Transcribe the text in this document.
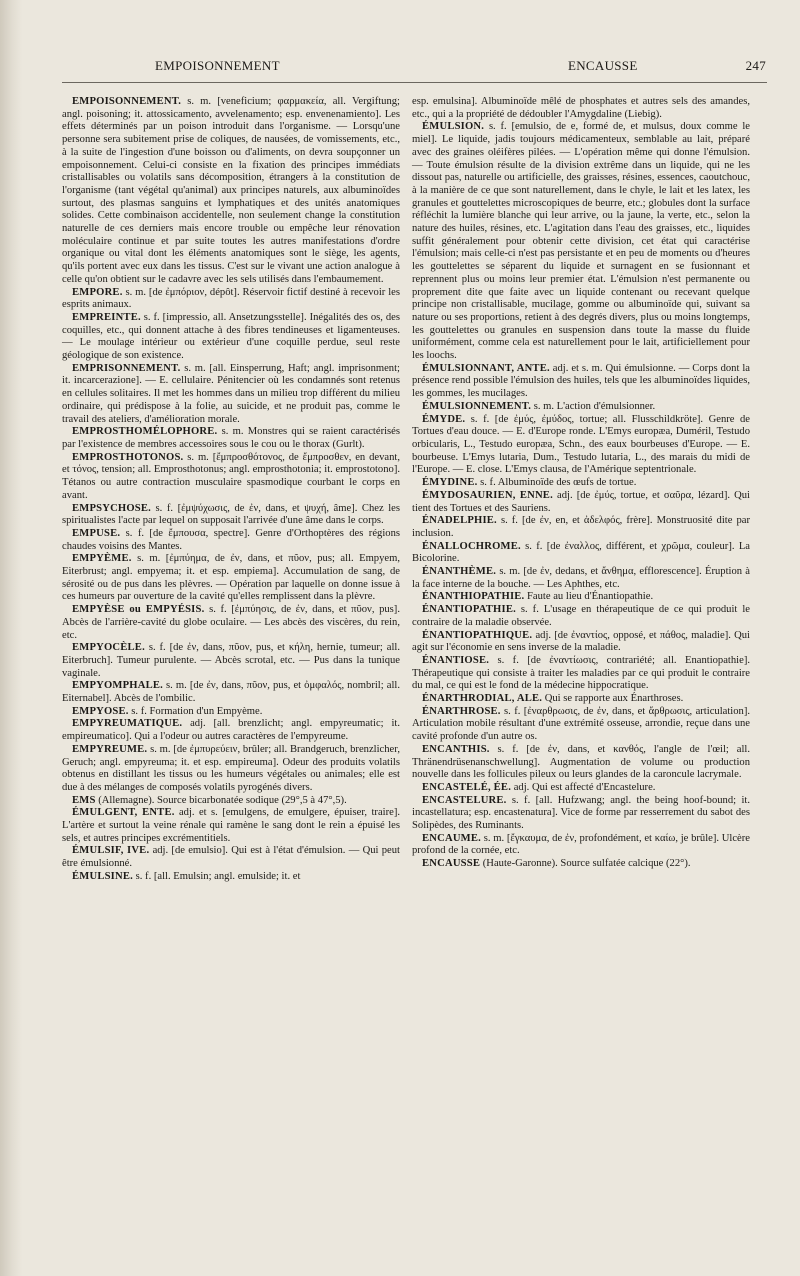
EMPOISONNEMENT	ENCAUSSE	247

EMPOISONNEMENT. s. m. [veneficium; φαρμακεία, all. Vergiftung; angl. poisoning; it. attossicamento, avvelenamento; esp. envenenamiento]. Les effets déterminés par un poison introduit dans l'organisme. — Lorsqu'une personne sera subitement prise de coliques, de nausées, de vomissements, etc., à la suite de l'ingestion d'une boisson ou d'aliments, on devra soupçonner un empoisonnement. Celui-ci consiste en la fixation des principes immédiats cristallisables ou volatils sans décomposition, étrangers à la constitution de l'organisme (tant végétal qu'animal) aux principes naturels, aux albuminoïdes surtout, des plasmas sanguins et lymphatiques et des unités anatomiques solides. Cette combinaison accidentelle, non seulement change la constitution naturelle de ces derniers mais encore trouble ou empêche leur rénovation moléculaire continue et par suite toutes les autres manifestations d'ordre organique ou vital dont les éléments anatomiques sont le siège, les agents, qu'ils portent avec eux dans les tissus. C'est sur le vivant une action analogue à celle qu'on obtient sur le cadavre avec les sels utilisés dans l'embaumement.

EMPORE. s. m. [de ἐμπόριον, dépôt]. Réservoir fictif destiné à recevoir les esprits animaux.

EMPREINTE. s. f. [impressio, all. Ansetzungsstelle]. Inégalités des os, des coquilles, etc., qui donnent attache à des fibres tendineuses et ligamenteuses. — Le moulage intérieur ou extérieur d'une coquille perdue, seul reste géologique de son existence.

EMPRISONNEMENT. s. m. [all. Einsperrung, Haft; angl. imprisonment; it. incarcerazione]. — E. cellulaire. Pénitencier où les condamnés sont retenus en cellules solitaires. Il met les hommes dans un milieu trop différent du milieu ordinaire, qui prédispose à la folie, au suicide, et ne produit pas, comme le travail des ateliers, d'amélioration morale.

EMPROSTHOMÉLOPHORE. s. m. Monstres qui se raient caractérisés par l'existence de membres accessoires sous le cou ou le thorax (Gurlt).

EMPROSTHOTONOS. s. m. [ἔμπροσθότονος, de ἔμπροσθεν, en devant, et τόνος, tension; all. Emprosthotonus; angl. emprosthotonia; it. emprostotono]. Tétanos ou autre contraction musculaire spasmodique courbant le corps en avant.

EMPSYCHOSE. s. f. [ἐμψύχωσις, de ἐν, dans, et ψυχή, âme]. Chez les spiritualistes l'acte par lequel on supposait l'arrivée d'une âme dans le corps.

EMPUSE. s. f. [de ἔμπουσα, spectre]. Genre d'Orthoptères des régions chaudes voisins des Mantes.

EMPYÈME. s. m. [ἐμπύημα, de ἐν, dans, et πῦον, pus; all. Empyem, Eiterbrust; angl. empyema; it. et esp. empiema]. Accumulation de sang, de sérosité ou de pus dans les plèvres. — Opération par laquelle on donne issue à ces humeurs par ouverture de la cavité qu'elles remplissent dans la plèvre.

EMPYÈSE ou EMPYÉSIS. s. f. [ἐμπύησις, de ἐν, dans, et πῦον, pus]. Abcès de l'arrière-cavité du globe oculaire. — Les abcès des viscères, du rein, etc.

EMPYOCÈLE. s. f. [de ἐν, dans, πῦον, pus, et κήλη, hernie, tumeur; all. Eiterbruch]. Tumeur purulente. — Abcès scrotal, etc. — Pus dans la tunique vaginale.

EMPYOMPHALE. s. m. [de ἐν, dans, πῦον, pus, et ὀμφαλός, nombril; all. Eiternabel]. Abcès de l'ombilic.

EMPYOSE. s. f. Formation d'un Empyème.

EMPYREUMATIQUE. adj. [all. brenzlicht; angl. empyreumatic; it. empireumatico]. Qui a l'odeur ou autres caractères de l'empyreume.

EMPYREUME. s. m. [de ἐμπυρεύειν, brûler; all. Brandgeruch, brenzlicher, Geruch; angl. empyreuma; it. et esp. empireuma]. Odeur des produits volatils obtenus en distillant les tissus ou les humeurs végétales ou animales; elle est due à des mélanges de composés volatils pyrogénés divers.

EMS (Allemagne). Source bicarbonatée sodique (29°,5 à 47°,5).

ÉMULGENT, ENTE. adj. et s. [emulgens, de emulgere, épuiser, traire]. L'artère et surtout la veine rénale qui ramène le sang dont le rein a épuisé les sels, et autres principes excrémentitiels.

ÉMULSIF, IVE. adj. [de emulsio]. Qui est à l'état d'émulsion. — Qui peut être émulsionné.

ÉMULSINE. s. f. [all. Emulsin; angl. emulside; it. et

esp. emulsina]. Albuminoïde mêlé de phosphates et autres sels des amandes, etc., qui a la propriété de dédoubler l'Amygdaline (Liebig).

ÉMULSION. s. f. [emulsio, de e, formé de, et mulsus, doux comme le miel]. Le liquide, jadis toujours médicamenteux, semblable au lait, préparé avec des graines oléifères pilées. — L'opération même qui donne l'émulsion. — Toute émulsion résulte de la division extrême dans un liquide, qui ne les dissout pas, naturelle ou artificielle, des graisses, résines, essences, caoutchouc, à la manière de ce que sont naturellement, dans le chyle, le lait et les latex, les granules et gouttelettes microscopiques de beurre, etc.; globules dont la surface réfléchit la lumière blanche qui leur arrive, ou la jaune, la verte, etc., selon la nature des huiles, résines, etc. L'agitation dans l'eau des graisses, etc., liquides suffit généralement pour obtenir cette division, cet état qui caractérise l'émulsion; mais celle-ci n'est pas persistante et en peu de moments ou d'heures les gouttelettes se séparent du liquide et surnagent en se fusionnant et reprennent plus ou moins leur premier état. L'émulsion n'est permanente ou proprement dite que faite avec un liquide contenant ou recevant quelque principe non cristallisable, mucilage, gomme ou albuminoïde qui, suivant sa nature ou ses proportions, retient à des degrés divers, plus ou moins longtemps, les gouttelettes ou granules en suspension dans toute la masse du fluide uniformément, comme cela est naturellement pour le lait, artificiellement pour les loochs.

ÉMULSIONNANT, ANTE. adj. et s. m. Qui émulsionne. — Corps dont la présence rend possible l'émulsion des huiles, tels que les albuminoïdes liquides, les gommes, les mucilages.

ÉMULSIONNEMENT. s. m. L'action d'émulsionner.

ÉMYDE. s. f. [de ἐμύς, ἐμύδος, tortue; all. Flusschildkröte]. Genre de Tortues d'eau douce. — E. d'Europe ronde. L'Emys europæa, Duméril, Testudo orbicularis, L., Testudo europæa, Schn., des eaux bourbeuses d'Europe. — E. bourbeuse. L'Emys lutaria, Dum., Testudo lutaria, L., des marais du midi de l'Europe. — E. close. L'Emys clausa, de l'Amérique septentrionale.

ÉMYDINE. s. f. Albuminoïde des œufs de tortue.

ÉMYDOSAURIEN, ENNE. adj. [de ἐμύς, tortue, et σαῦρα, lézard]. Qui tient des Tortues et des Sauriens.

ÉNADELPHIE. s. f. [de ἐν, en, et ἀδελφός, frère]. Monstruosité dite par inclusion.

ÉNALLOCHROME. s. f. [de ἐναλλος, différent, et χρῶμα, couleur]. La Bicolorine.

ÉNANTHÈME. s. m. [de ἐν, dedans, et ἄνθημα, efflorescence]. Éruption à la face interne de la bouche. — Les Aphthes, etc.

ÉNANTHIOPATHIE. Faute au lieu d'Énantiopathie.

ÉNANTIOPATHIE. s. f. L'usage en thérapeutique de ce qui produit le contraire de la maladie observée.

ÉNANTIOPATHIQUE. adj. [de ἐναντίος, opposé, et πάθος, maladie]. Qui agit sur l'économie en sens inverse de la maladie.

ÉNANTIOSE. s. f. [de ἐναντίωσις, contrariété; all. Enantiopathie]. Thérapeutique qui consiste à traiter les maladies par ce qui produit le contraire du mal, ce qui est le fond de la médecine hippocratique.

ÉNARTHRODIAL, ALE. Qui se rapporte aux Énarthroses.

ÉNARTHROSE. s. f. [ἐναρθρωσις, de ἐν, dans, et ἄρθρωσις, articulation]. Articulation mobile résultant d'une extrémité osseuse, arrondie, reçue dans une cavité profonde d'un autre os.

ENCANTHIS. s. f. [de ἐν, dans, et κανθός, l'angle de l'œil; all. Thränendrüsenanschwellung]. Augmentation de volume ou production nouvelle dans les follicules pileux ou leurs glandes de la caroncule lacrymale.

ENCASTELÉ, ÉE. adj. Qui est affecté d'Encastelure.

ENCASTELURE. s. f. [all. Hufzwang; angl. the being hoof-bound; it. incastellatura; esp. encastenatura]. Vice de forme par resserrement du sabot des Solipèdes, des Ruminants.

ENCAUME. s. m. [ἔγκαυμα, de ἐν, profondément, et καίω, je brûle]. Ulcère profond de la cornée, etc.

ENCAUSSE (Haute-Garonne). Source sulfatée calcique (22°).
